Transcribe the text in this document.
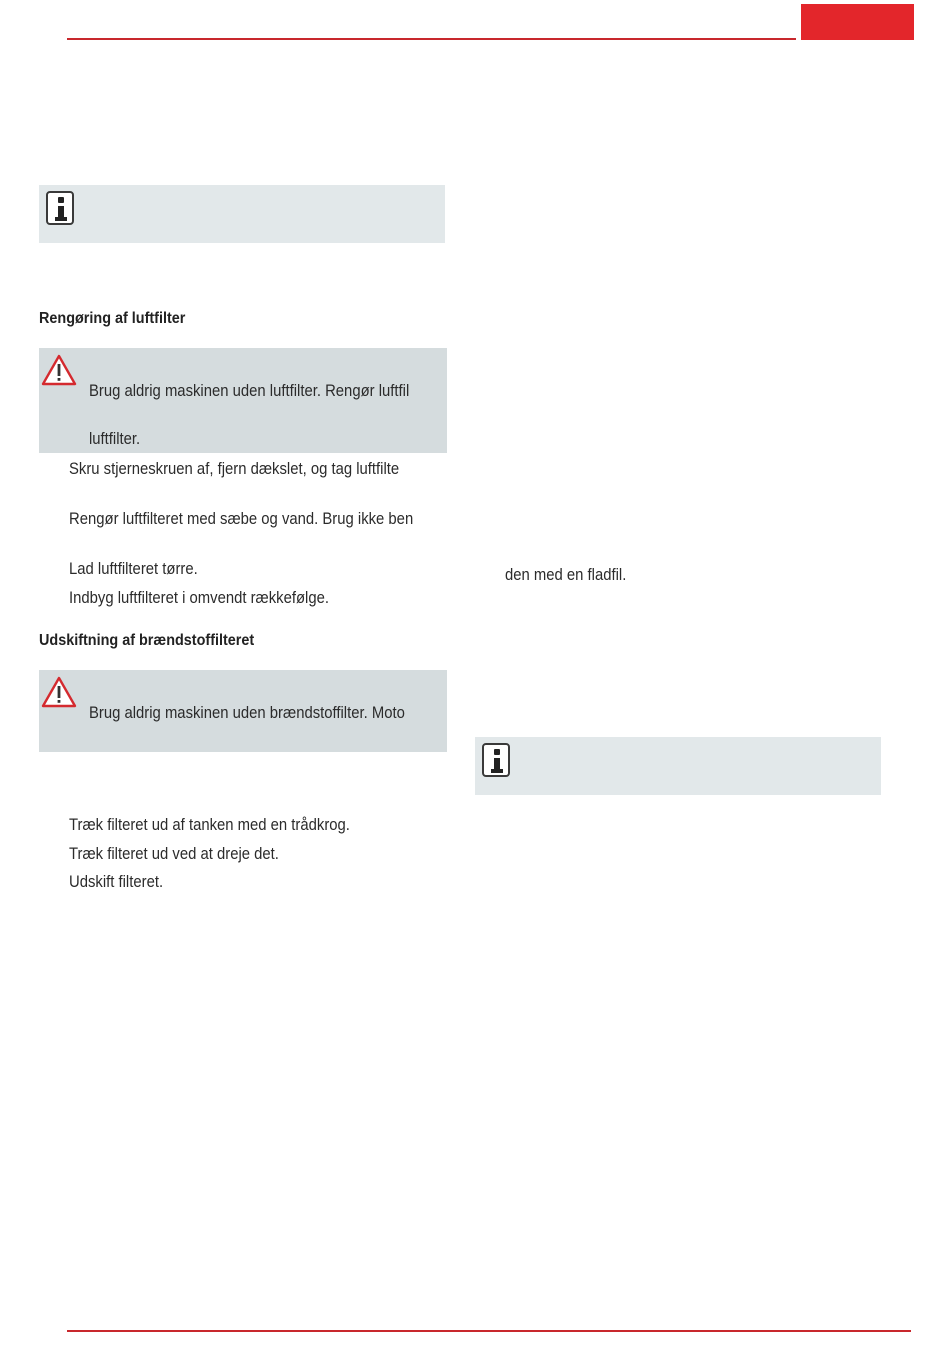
Rengøring af luftfilter
Brug aldrig maskinen uden luftfilter. Rengør luftfil
luftfilter.
Skru stjerneskruen af, fjern dækslet, og tag luftfilte
Rengør luftfilteret med sæbe og vand. Brug ikke ben
Lad luftfilteret tørre.
Indbyg luftfilteret i omvendt rækkefølge.
Udskiftning af brændstoffilteret
Brug aldrig maskinen uden brændstoffilter. Moto
Træk filteret ud af tanken med en trådkrog.
Træk filteret ud ved at dreje det.
Udskift filteret.
den med en fladfil.
